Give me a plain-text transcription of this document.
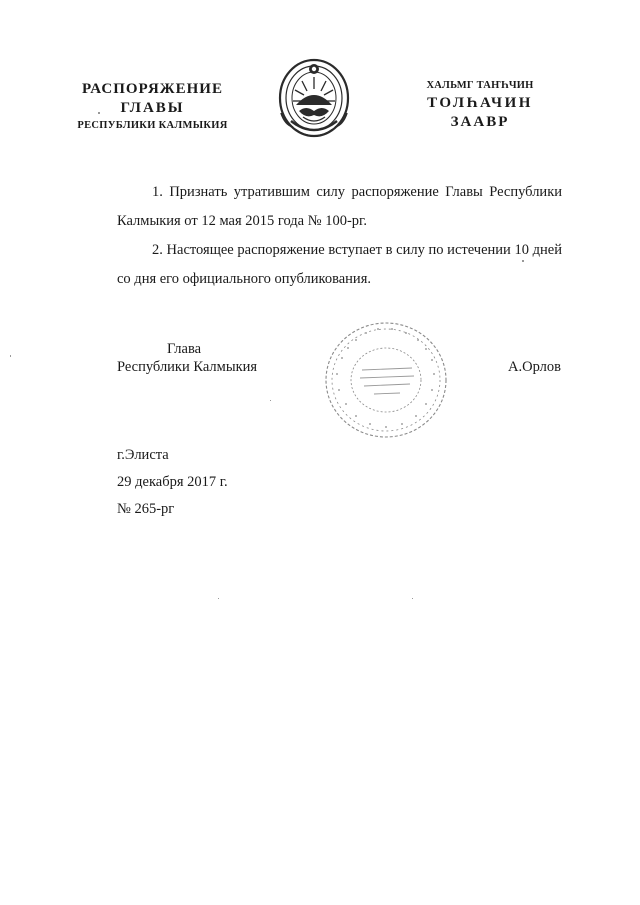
РАСПОРЯЖЕНИЕ
ГЛАВЫ
РЕСПУБЛИКИ КАЛМЫКИЯ
ХАЛЬМГ ТАҤҺЧИН
ТОЛҺАЧИН
ЗААВР

1. Признать утратившим силу распоряжение Главы Республики Калмыкия от 12 мая 2015 года № 100-рг.

2. Настоящее распоряжение вступает в силу по истечении 10 дней со дня его официального опубликования.

Глава
Республики Калмыкия	А.Орлов
г.Элиста
29 декабря 2017 г.
№ 265-рг
